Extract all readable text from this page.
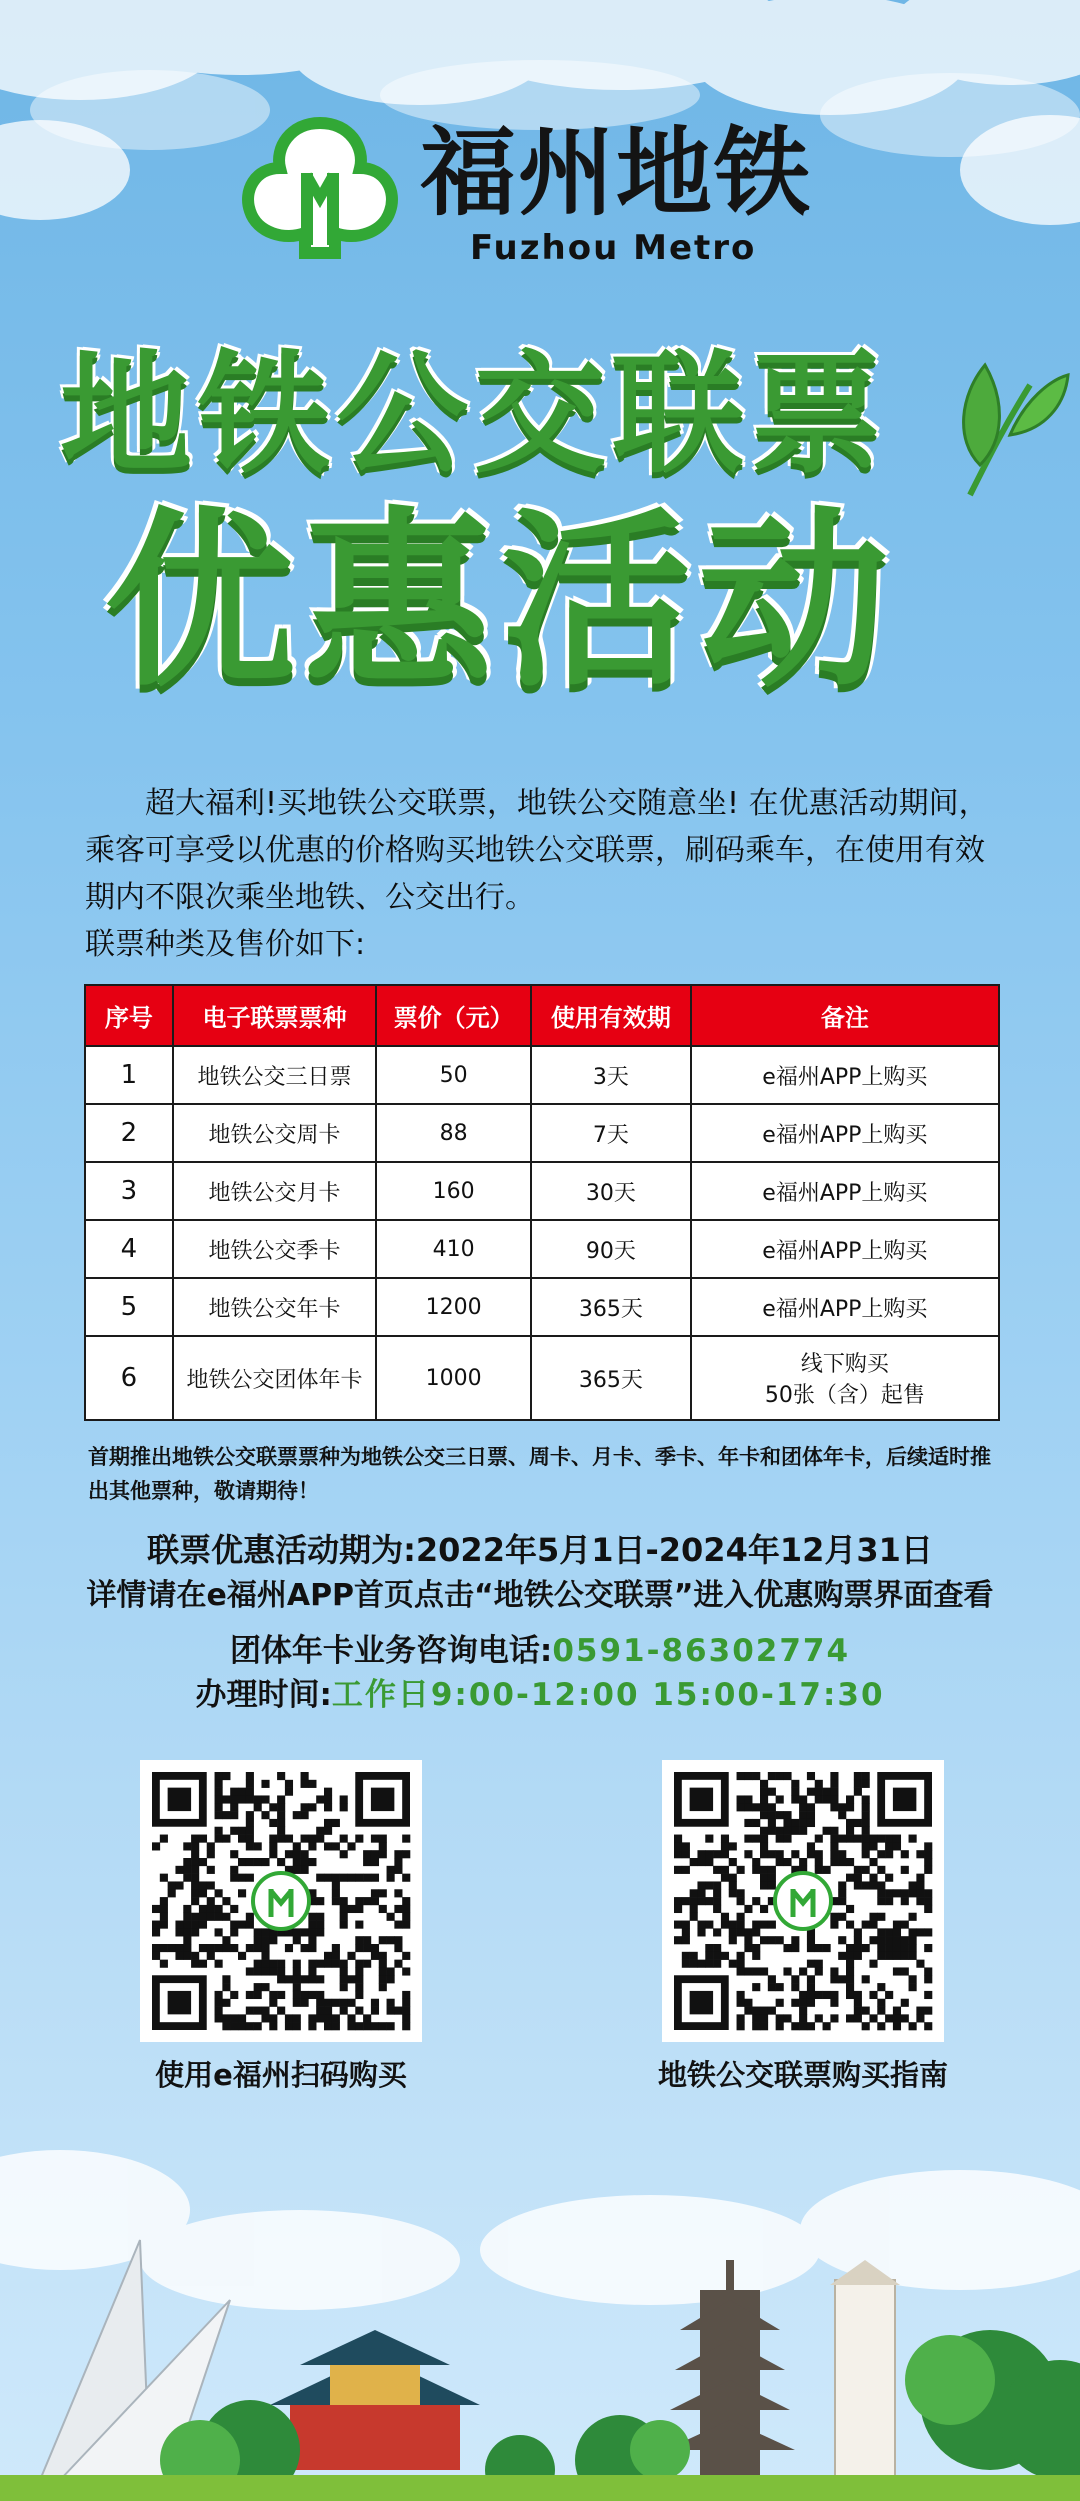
福州地铁
Fuzhou Metro
地铁公交联票
优惠活动

超大福利!买地铁公交联票，地铁公交随意坐! 在优惠活动期间，乘客可享受以优惠的价格购买地铁公交联票，刷码乘车，在使用有效期内不限次乘坐地铁、公交出行。

联票种类及售价如下:

序号	电子联票票种	票价（元）	使用有效期	备注
1	地铁公交三日票	50	3天	e福州APP上购买
2	地铁公交周卡	88	7天	e福州APP上购买
3	地铁公交月卡	160	30天	e福州APP上购买
4	地铁公交季卡	410	90天	e福州APP上购买
5	地铁公交年卡	1200	365天	e福州APP上购买
6	地铁公交团体年卡	1000	365天	线下购买
50张（含）起售
首期推出地铁公交联票票种为地铁公交三日票、周卡、月卡、季卡、年卡和团体年卡，后续适时推出其他票种，敬请期待！
联票优惠活动期为:2022年5月1日-2024年12月31日
详情请在e福州APP首页点击“地铁公交联票”进入优惠购票界面查看
团体年卡业务咨询电话:0591-86302774
办理时间:工作日9:00-12:00 15:00-17:30
使用e福州扫码购买	地铁公交联票购买指南
